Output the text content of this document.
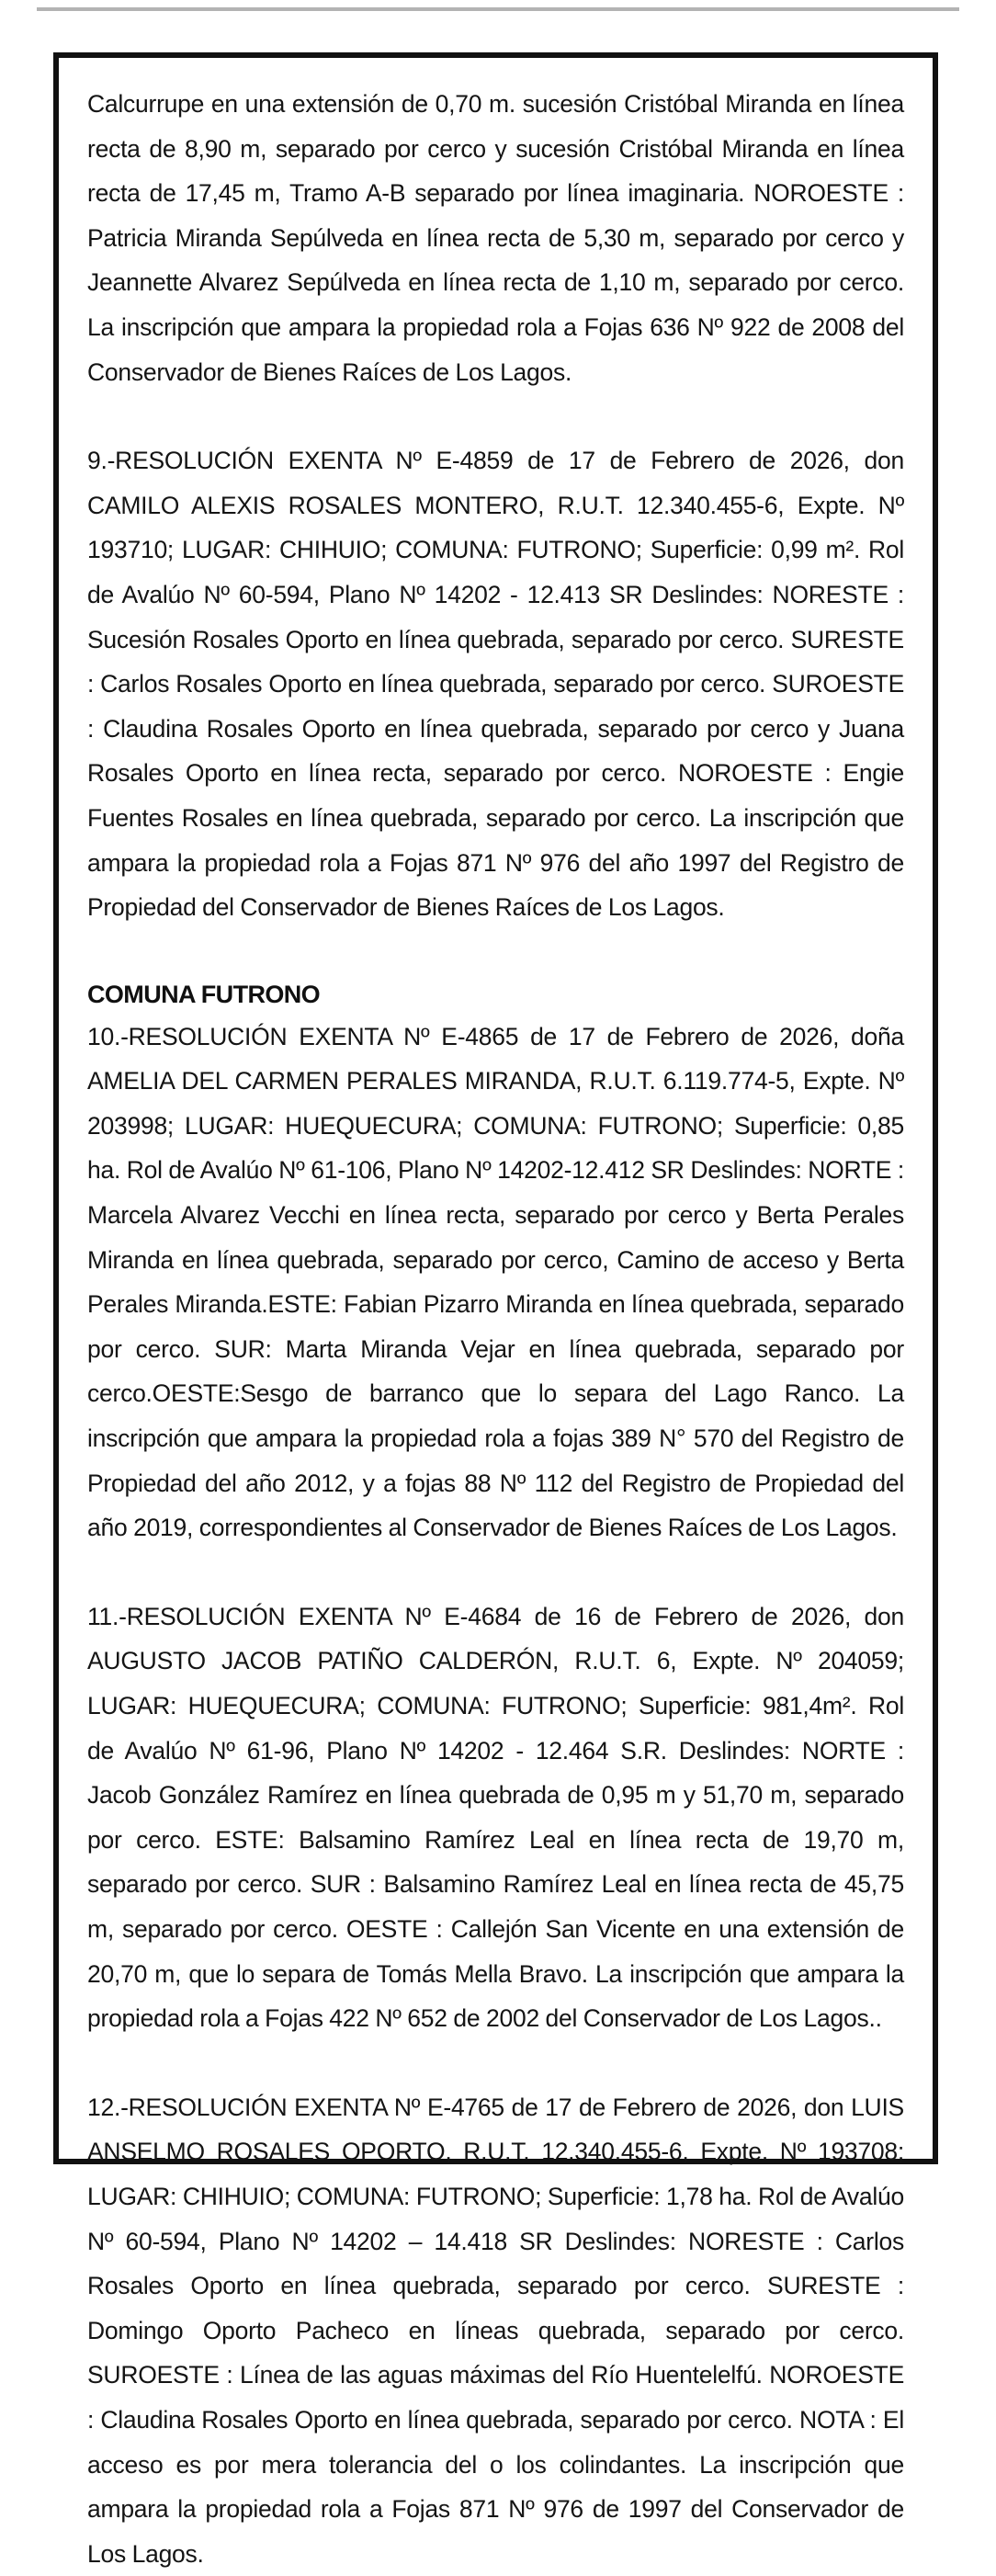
Calcurrupe en una extensión de 0,70 m. sucesión Cristóbal Miranda en línea recta de 8,90 m, separado por cerco y sucesión Cristóbal Miranda en línea recta de 17,45 m, Tramo A-B separado por línea imaginaria. NOROESTE : Patricia Miranda Sepúlveda en línea recta de 5,30 m, separado por cerco y Jeannette Alvarez Sepúlveda en línea recta de 1,10 m, separado por cerco. La inscripción que ampara la propiedad rola a Fojas 636 Nº 922 de 2008 del Conservador de Bienes Raíces de Los Lagos.

9.-RESOLUCIÓN EXENTA Nº E-4859 de 17 de Febrero de 2026, don CAMILO ALEXIS ROSALES MONTERO, R.U.T. 12.340.455-6, Expte. Nº 193710; LUGAR: CHIHUIO; COMUNA: FUTRONO; Superficie: 0,99 m². Rol de Avalúo Nº 60-594, Plano Nº 14202 - 12.413 SR Deslindes: NORESTE : Sucesión Rosales Oporto en línea quebrada, separado por cerco. SURESTE : Carlos Rosales Oporto en línea quebrada, separado por cerco. SUROESTE : Claudina Rosales Oporto en línea quebrada, separado por cerco y Juana Rosales Oporto en línea recta, separado por cerco. NOROESTE : Engie Fuentes Rosales en línea quebrada, separado por cerco. La inscripción que ampara la propiedad rola a Fojas 871 Nº 976 del año 1997 del Registro de Propiedad del Conservador de Bienes Raíces de Los Lagos.

COMUNA FUTRONO

10.-RESOLUCIÓN EXENTA Nº E-4865 de 17 de Febrero de 2026, doña AMELIA DEL CARMEN PERALES MIRANDA, R.U.T. 6.119.774-5, Expte. Nº 203998; LUGAR: HUEQUECURA; COMUNA: FUTRONO; Superficie: 0,85 ha. Rol de Avalúo Nº 61-106, Plano Nº 14202-12.412 SR Deslindes: NORTE : Marcela Alvarez Vecchi en línea recta, separado por cerco y Berta Perales Miranda en línea quebrada, separado por cerco, Camino de acceso y Berta Perales Miranda.ESTE: Fabian Pizarro Miranda en línea quebrada, separado por cerco. SUR: Marta Miranda Vejar en línea quebrada, separado por cerco.OESTE:Sesgo de barranco que lo separa del Lago Ranco. La inscripción que ampara la propiedad rola a fojas 389 N° 570 del Registro de Propiedad del año 2012, y a fojas 88 Nº 112 del Registro de Propiedad del año 2019, correspondientes al Conservador de Bienes Raíces de Los Lagos.

11.-RESOLUCIÓN EXENTA Nº E-4684 de 16 de Febrero de 2026, don AUGUSTO JACOB PATIÑO CALDERÓN, R.U.T. 6, Expte. Nº 204059; LUGAR: HUEQUECURA; COMUNA: FUTRONO; Superficie: 981,4m². Rol de Avalúo Nº 61-96, Plano Nº 14202 - 12.464 S.R. Deslindes: NORTE : Jacob González Ramírez en línea quebrada de 0,95 m y 51,70 m, separado por cerco. ESTE: Balsamino Ramírez Leal en línea recta de 19,70 m, separado por cerco. SUR : Balsamino Ramírez Leal en línea recta de 45,75 m, separado por cerco. OESTE : Callejón San Vicente en una extensión de 20,70 m, que lo separa de Tomás Mella Bravo. La inscripción que ampara la propiedad rola a Fojas 422 Nº 652 de 2002 del Conservador de Los Lagos..

12.-RESOLUCIÓN EXENTA Nº E-4765 de 17 de Febrero de 2026, don LUIS ANSELMO ROSALES OPORTO, R.U.T. 12.340.455-6, Expte. Nº 193708; LUGAR: CHIHUIO; COMUNA: FUTRONO; Superficie: 1,78 ha. Rol de Avalúo Nº 60-594, Plano Nº 14202 – 14.418 SR Deslindes: NORESTE : Carlos Rosales Oporto en línea quebrada, separado por cerco. SURESTE : Domingo Oporto Pacheco en líneas quebrada, separado por cerco. SUROESTE : Línea de las aguas máximas del Río Huentelelfú. NOROESTE : Claudina Rosales Oporto en línea quebrada, separado por cerco. NOTA : El acceso es por mera tolerancia del o los colindantes. La inscripción que ampara la propiedad rola a Fojas 871 Nº 976 de 1997 del Conservador de Los Lagos.
